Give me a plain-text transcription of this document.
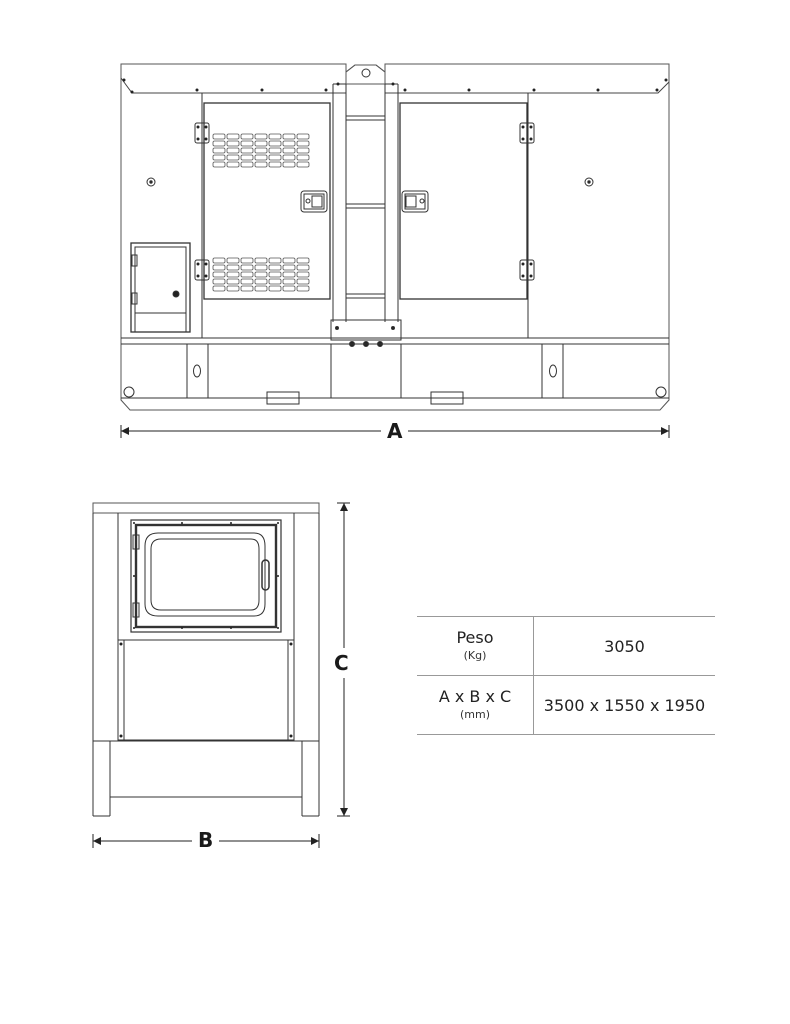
A
C
B
Peso
(Kg)	3050

A x B x C
(mm)	3500 x 1550 x 1950
